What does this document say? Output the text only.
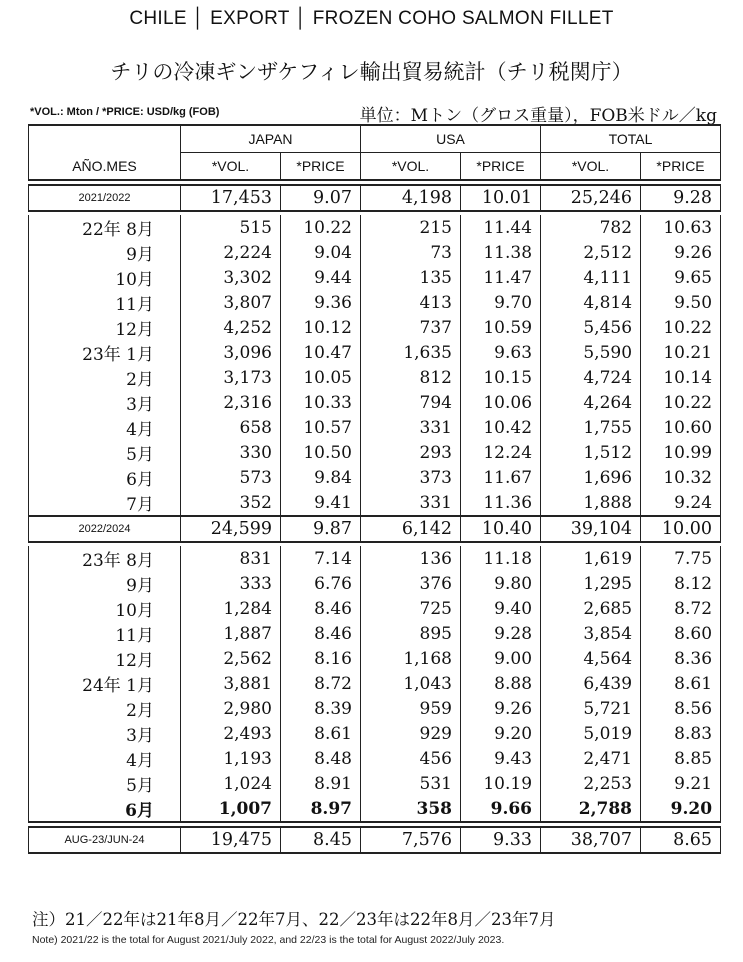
CHILE │ EXPORT │ FROZEN COHO SALMON FILLET
チリの冷凍ギンザケフィレ輸出貿易統計（チリ税関庁）
*VOL.: Mton / *PRICE: USD/kg (FOB)	単位：Mトン（グロス重量），FOB米ドル／kg
	JAPAN		USA		TOTAL	
AÑO.MES	*VOL.	*PRICE	*VOL.	*PRICE	*VOL.	*PRICE

2021/2022	17,453	9.07	4,198	10.01	25,246	9.28

22年 8月	515	10.22	215	11.44	782	10.63
9月	2,224	9.04	73	11.38	2,512	9.26
10月	3,302	9.44	135	11.47	4,111	9.65
11月	3,807	9.36	413	9.70	4,814	9.50
12月	4,252	10.12	737	10.59	5,456	10.22
23年 1月	3,096	10.47	1,635	9.63	5,590	10.21
2月	3,173	10.05	812	10.15	4,724	10.14
3月	2,316	10.33	794	10.06	4,264	10.22
4月	658	10.57	331	10.42	1,755	10.60
5月	330	10.50	293	12.24	1,512	10.99
6月	573	9.84	373	11.67	1,696	10.32
7月	352	9.41	331	11.36	1,888	9.24
2022/2024	24,599	9.87	6,142	10.40	39,104	10.00

23年 8月	831	7.14	136	11.18	1,619	7.75
9月	333	6.76	376	9.80	1,295	8.12
10月	1,284	8.46	725	9.40	2,685	8.72
11月	1,887	8.46	895	9.28	3,854	8.60
12月	2,562	8.16	1,168	9.00	4,564	8.36
24年 1月	3,881	8.72	1,043	8.88	6,439	8.61
2月	2,980	8.39	959	9.26	5,721	8.56
3月	2,493	8.61	929	9.20	5,019	8.83
4月	1,193	8.48	456	9.43	2,471	8.85
5月	1,024	8.91	531	10.19	2,253	9.21
6月	1,007	8.97	358	9.66	2,788	9.20

AUG-23/JUN-24	19,475	8.45	7,576	9.33	38,707	8.65
注）21／22年は21年8月／22年7月、22／23年は22年8月／23年7月
Note) 2021/22 is the total for August 2021/July 2022, and 22/23 is the total for August 2022/July 2023.
